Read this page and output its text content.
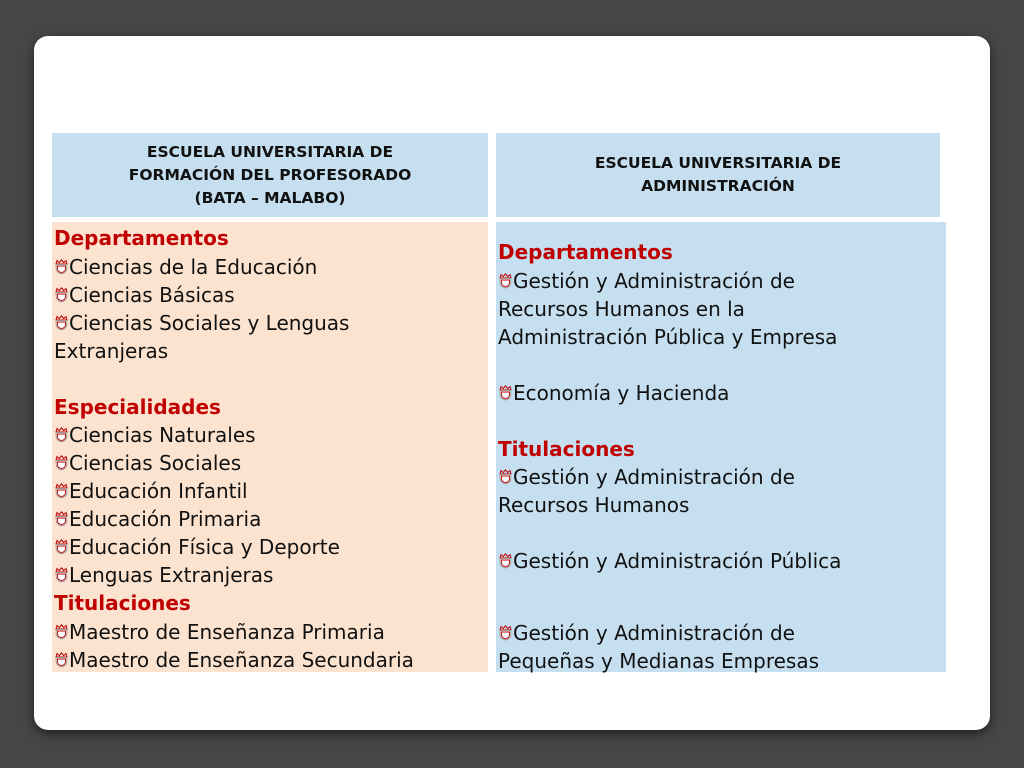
ESCUELA UNIVERSITARIA DE
FORMACIÓN DEL PROFESORADO
(BATA – MALABO)
ESCUELA UNIVERSITARIA DE
ADMINISTRACIÓN
Departamentos
Ciencias de la Educación
Ciencias Básicas
Ciencias Sociales y Lenguas
Extranjeras
Especialidades
Ciencias Naturales
Ciencias Sociales
Educación Infantil
Educación Primaria
Educación Física y Deporte
Lenguas Extranjeras
Titulaciones
Maestro de Enseñanza Primaria
Maestro de Enseñanza Secundaria
Departamentos
Gestión y Administración de
Recursos Humanos en la
Administración Pública y Empresa
Economía y Hacienda
Titulaciones
Gestión y Administración de
Recursos Humanos
Gestión y Administración Pública
Gestión y Administración de
Pequeñas y Medianas Empresas
